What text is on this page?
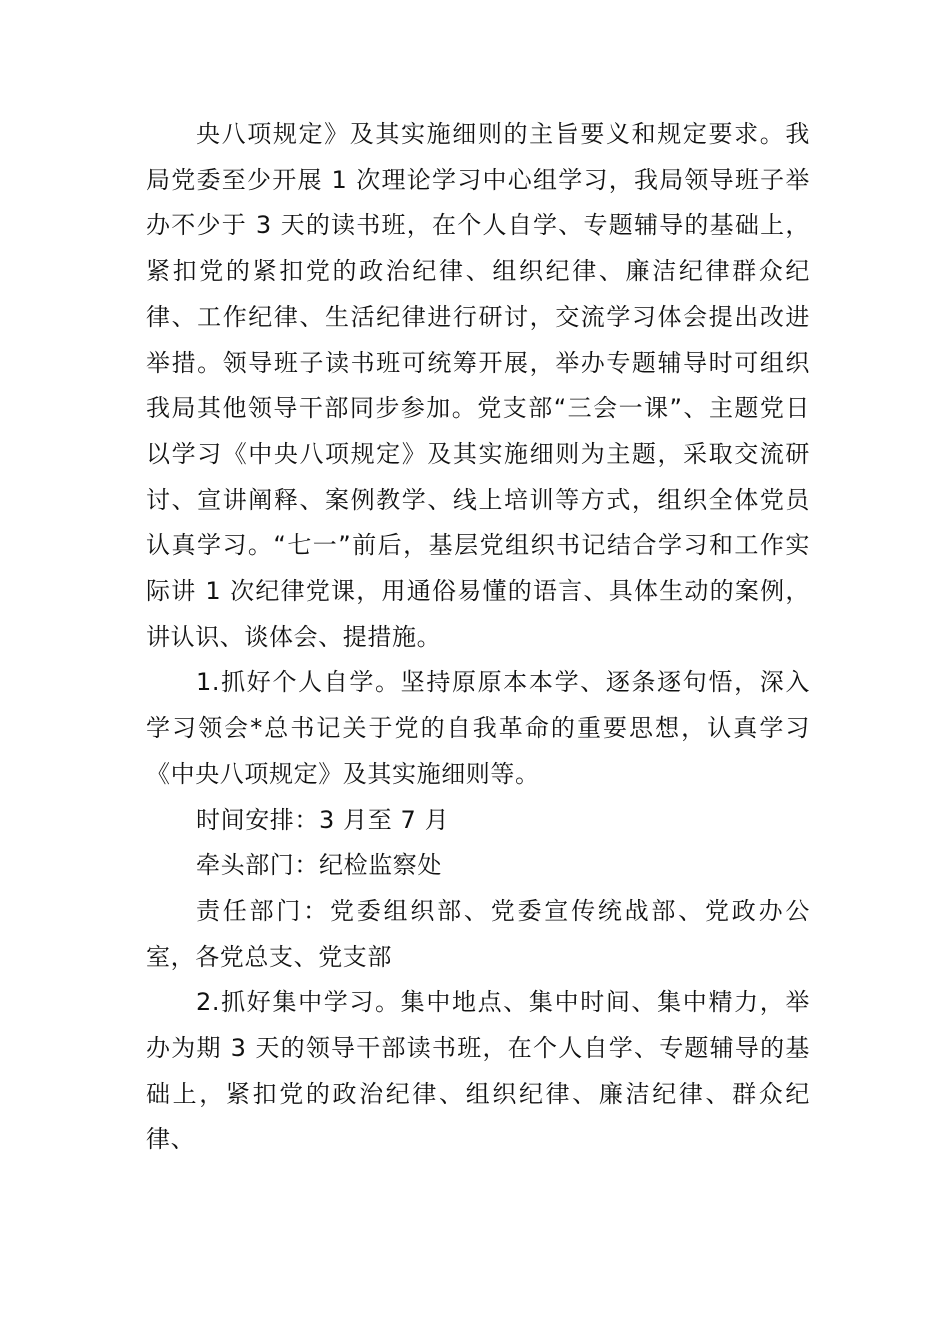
央八项规定》及其实施细则的主旨要义和规定要求。我局党委至少开展 1 次理论学习中心组学习，我局领导班子举办不少于 3 天的读书班，在个人自学、专题辅导的基础上，紧扣党的紧扣党的政治纪律、组织纪律、廉洁纪律群众纪律、工作纪律、生活纪律进行研讨，交流学习体会提出改进举措。领导班子读书班可统筹开展，举办专题辅导时可组织我局其他领导干部同步参加。党支部“三会一课”、主题党日以学习《中央八项规定》及其实施细则为主题，采取交流研讨、宣讲阐释、案例教学、线上培训等方式，组织全体党员认真学习。“七一”前后，基层党组织书记结合学习和工作实际讲 1 次纪律党课，用通俗易懂的语言、具体生动的案例，讲认识、谈体会、提措施。

1.抓好个人自学。坚持原原本本学、逐条逐句悟，深入学习领会*总书记关于党的自我革命的重要思想，认真学习《中央八项规定》及其实施细则等。

时间安排：3 月至 7 月

牵头部门：纪检监察处

责任部门：党委组织部、党委宣传统战部、党政办公室，各党总支、党支部

2.抓好集中学习。集中地点、集中时间、集中精力，举办为期 3 天的领导干部读书班，在个人自学、专题辅导的基础上，紧扣党的政治纪律、组织纪律、廉洁纪律、群众纪律、
